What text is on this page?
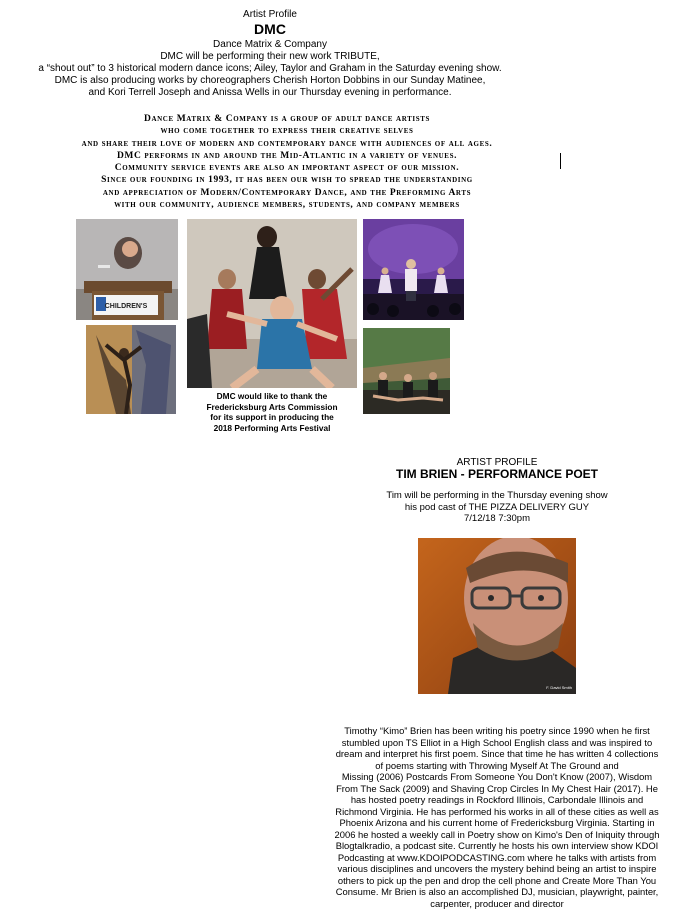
Artist Profile
DMC
Dance Matrix & Company
DMC will be performing their new work TRIBUTE,
a “shout out” to 3 historical modern dance icons; Ailey, Taylor and Graham in the Saturday evening show.
DMC is also producing works by choreographers Cherish Horton Dobbins in our Sunday Matinee,
and Kori Terrell Joseph and Anissa Wells in our Thursday evening in performance.
Dance Matrix & Company is a group of adult dance artists
who come together to express their creative selves
and share their love of modern and contemporary dance with audiences of all ages.
DMC performs in and around the Mid-Atlantic in a variety of venues.
Community service events are also an important aspect of our mission.
Since our founding in 1993, it has been our wish to spread the understanding
and appreciation of Modern/Contemporary Dance, and the Preforming Arts
with our community, audience members, students, and company members
CHILDREN'S
DMC would like to thank the
Fredericksburg Arts Commission
for its support in producing the
2018 Performing Arts Festival
ARTIST PROFILE
TIM BRIEN - PERFORMANCE POET
Tim will be performing in the Thursday evening show
his pod cast of THE PIZZA DELIVERY GUY
7/12/18 7:30pm
F. David Smith
Timothy “Kimo” Brien has been writing his poetry since 1990 when he first
stumbled upon TS Elliot in a High School English class and was inspired to
dream and interpret his first poem. Since that time he has written 4 collections
of poems starting with Throwing Myself At The Ground and
Missing (2006) Postcards From Someone You Don't Know (2007), Wisdom
From The Sack (2009) and Shaving Crop Circles In My Chest Hair (2017). He
has hosted poetry readings in Rockford Illinois, Carbondale Illinois and
Richmond Virginia. He has performed his works in all of these cities as well as
Phoenix Arizona and his current home of Fredericksburg Virginia. Starting in
2006 he hosted a weekly call in Poetry show on Kimo's Den of Iniquity through
Blogtalkradio, a podcast site. Currently he hosts his own interview show KDOI
Podcasting at www.KDOIPODCASTING.com where he talks with artists from
various disciplines and uncovers the mystery behind being an artist to inspire
others to pick up the pen and drop the cell phone and Create More Than You
Consume. Mr Brien is also an accomplished DJ, musician, playwright, painter,
carpenter, producer and director
